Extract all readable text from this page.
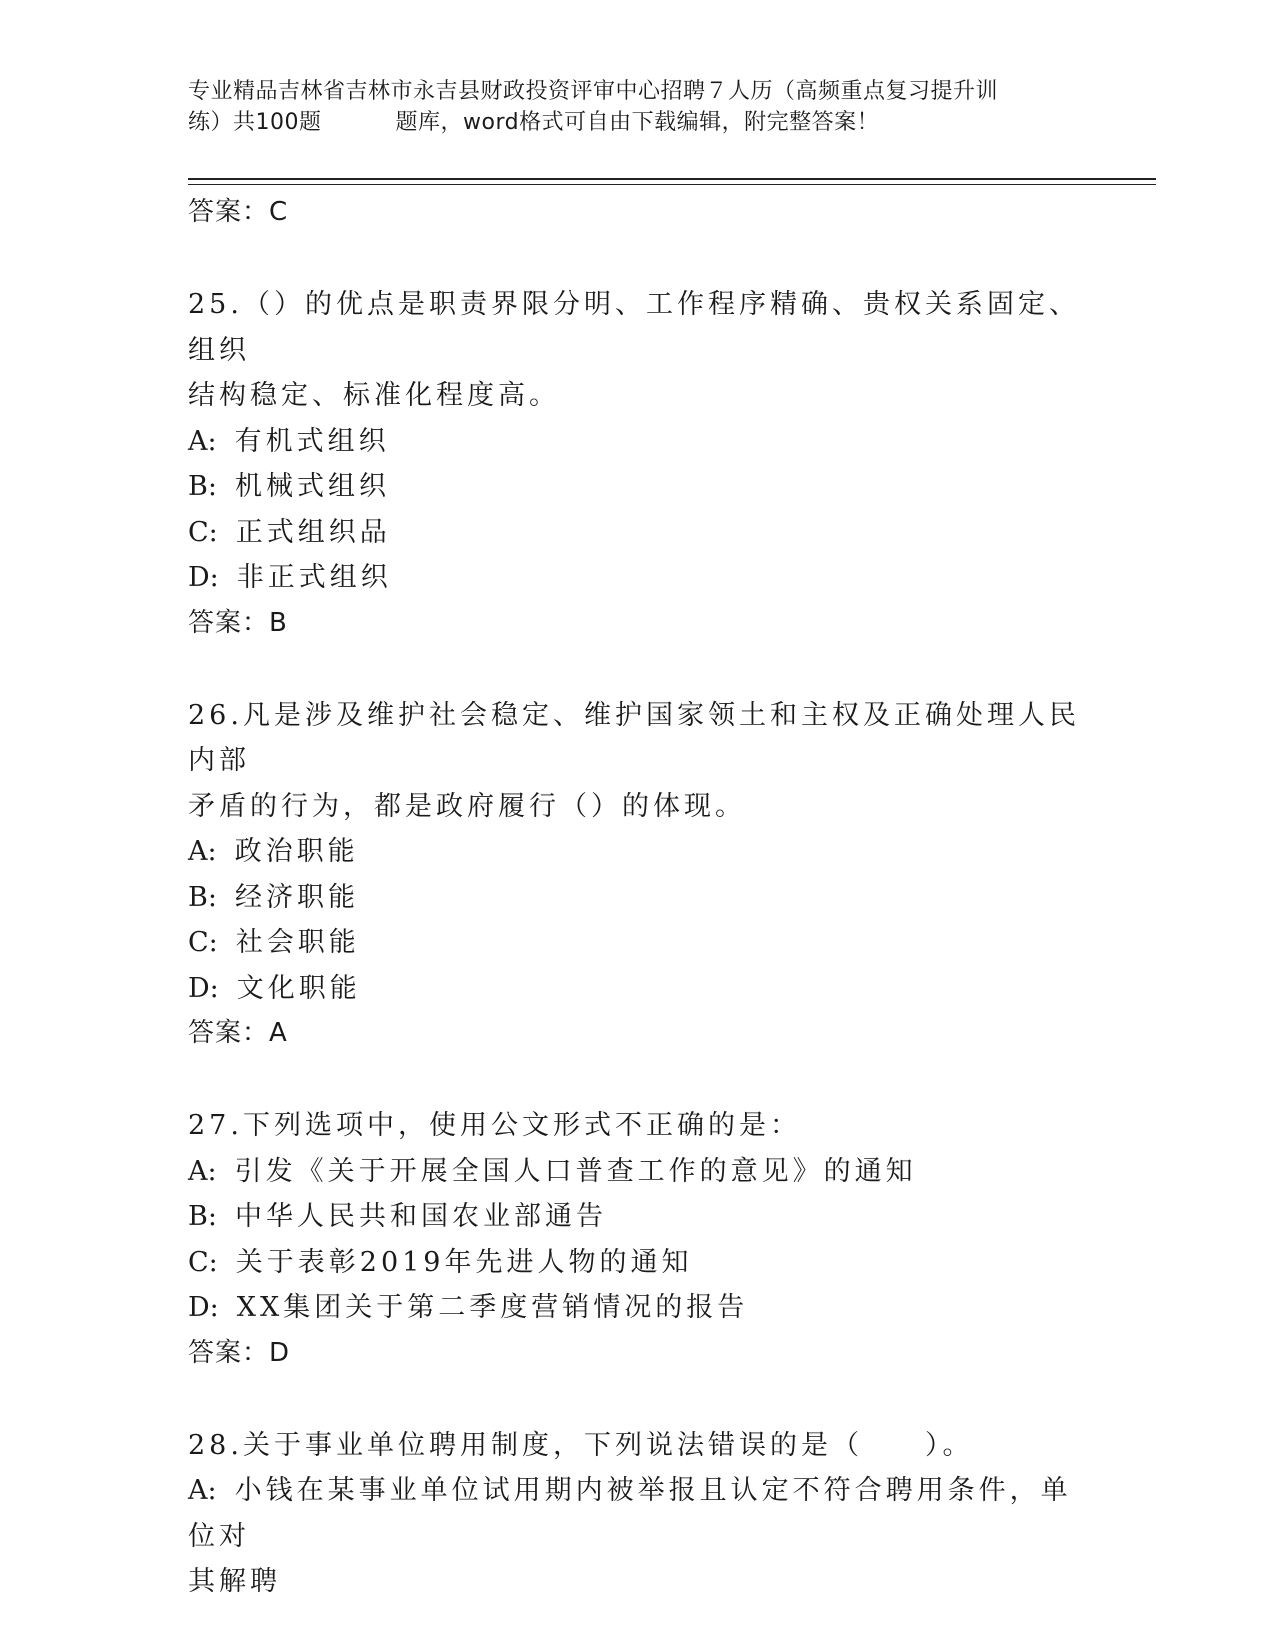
专业精品吉林省吉林市永吉县财政投资评审中心招聘７人历（高频重点复习提升训
练）共100题	题库，word格式可自由下载编辑，附完整答案！

答案：C

25.（）的优点是职责界限分明、工作程序精确、贵权关系固定、组织

结构稳定、标准化程度高。

A: 有机式组织

B: 机械式组织

C: 正式组织品

D: 非正式组织

答案：B

26.凡是涉及维护社会稳定、维护国家领土和主权及正确处理人民内部

矛盾的行为，都是政府履行（）的体现。

A: 政治职能

B: 经济职能

C: 社会职能

D: 文化职能

答案：A

27.下列选项中，使用公文形式不正确的是：

A: 引发《关于开展全国人口普查工作的意见》的通知

B: 中华人民共和国农业部通告

C: 关于表彰2019年先进人物的通知

D: XX集团关于第二季度营销情况的报告

答案：D

28.关于事业单位聘用制度，下列说法错误的是（　　）。

A: 小钱在某事业单位试用期内被举报且认定不符合聘用条件，单位对

其解聘
